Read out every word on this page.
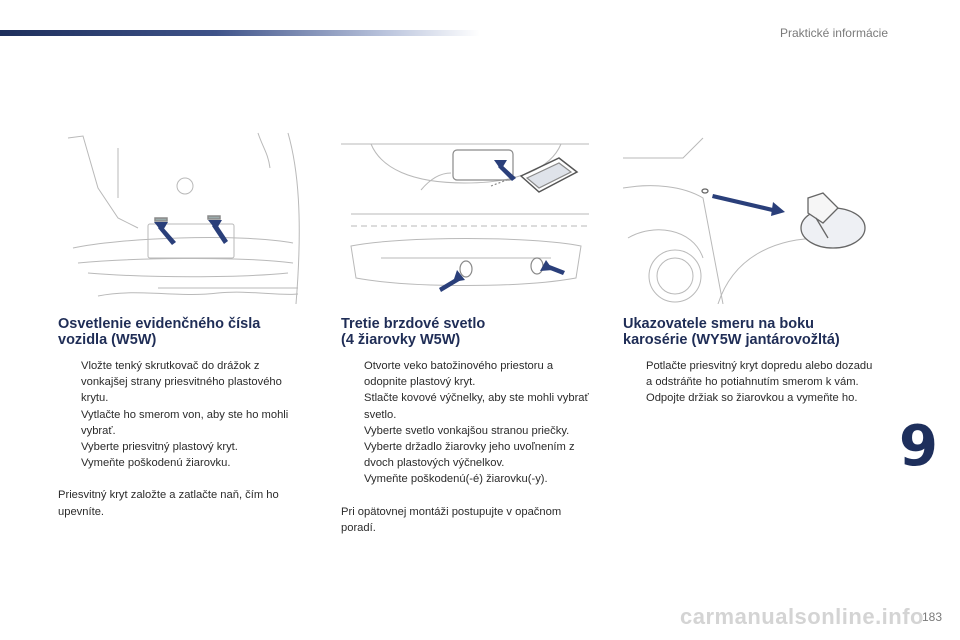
Praktické informácie
Osvetlenie evidenčného čísla
vozidla (W5W)
Vložte tenký skrutkovač do drážok z vonkajšej strany priesvitného plastového krytu.
Vytlačte ho smerom von, aby ste ho mohli vybrať.
Vyberte priesvitný plastový kryt.
Vymeňte poškodenú žiarovku.

Priesvitný kryt založte a zatlačte naň, čím ho upevníte.

Tretie brzdové svetlo
(4 žiarovky W5W)
Otvorte veko batožinového priestoru a odopnite plastový kryt.
Stlačte kovové výčnelky, aby ste mohli vybrať svetlo.
Vyberte svetlo vonkajšou stranou priečky.
Vyberte držadlo žiarovky jeho uvoľnením z dvoch plastových výčnelkov.
Vymeňte poškodenú(-é) žiarovku(-y).

Pri opätovnej montáži postupujte v opačnom poradí.

Ukazovatele smeru na boku
karosérie (WY5W jantárovožltá)
Potlačte priesvitný kryt dopredu alebo dozadu a odstráňte ho potiahnutím smerom k vám.
Odpojte držiak so žiarovkou a vymeňte ho.
9
183
carmanualsonline.info
